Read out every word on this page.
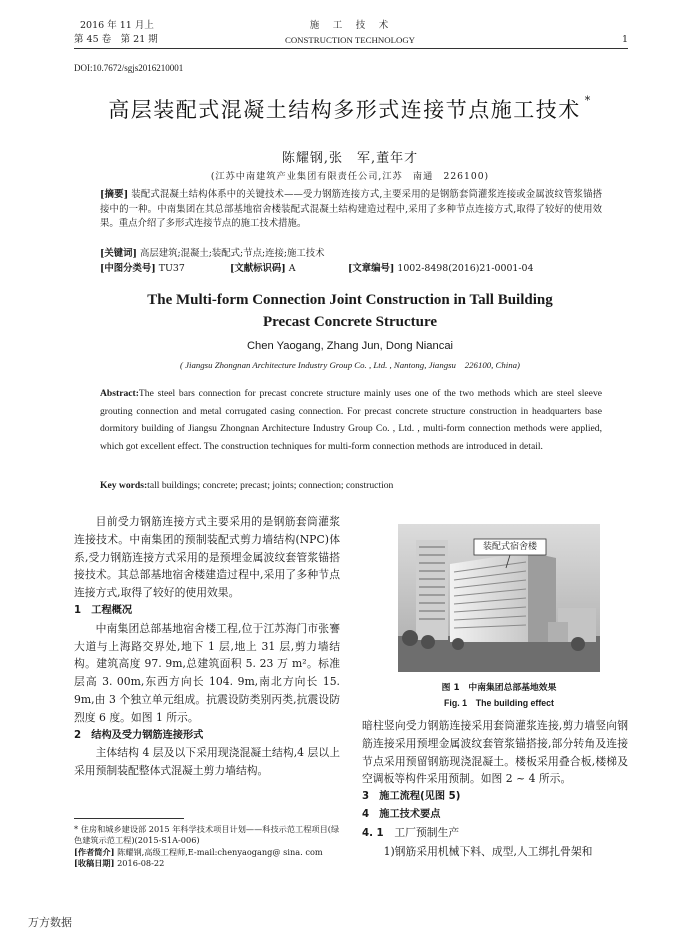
2016 年 11 月上
第 45 卷　第 21 期
施　工　技　术
CONSTRUCTION TECHNOLOGY	1
DOI:10.7672/sgjs2016210001
高层装配式混凝土结构多形式连接节点施工技术 *
陈耀钢,张　军,董年才
(江苏中南建筑产业集团有限责任公司,江苏　南通　226100)
[摘要] 装配式混凝土结构体系中的关键技术——受力钢筋连接方式,主要采用的是钢筋套筒灌浆连接或金属波纹管浆锚搭接中的一种。中南集团在其总部基地宿舍楼装配式混凝土结构建造过程中,采用了多种节点连接方式,取得了较好的使用效果。重点介绍了多形式连接节点的施工技术措施。
[关键词] 高层建筑;混凝土;装配式;节点;连接;施工技术
[中图分类号] TU37	[文献标识码] A	[文章编号] 1002-8498(2016)21-0001-04
The Multi-form Connection Joint Construction in Tall Building
Precast Concrete Structure
Chen Yaogang, Zhang Jun, Dong Niancai
( Jiangsu Zhongnan Architecture Industry Group Co. , Ltd. , Nantong, Jiangsu　226100, China)
Abstract:The steel bars connection for precast concrete structure mainly uses one of the two methods which are steel sleeve grouting connection and metal corrugated casing connection. For precast concrete structure construction in headquarters base dormitory building of Jiangsu Zhongnan Architecture Industry Group Co. , Ltd. , multi-form connection methods were applied, which got excellent effect. The construction techniques for multi-form connection methods are introduced in detail.
Key words:tall buildings; concrete; precast; joints; connection; construction

目前受力钢筋连接方式主要采用的是钢筋套筒灌浆连接技术。中南集团的预制装配式剪力墙结构(NPC)体系,受力钢筋连接方式采用的是预埋金属波纹套管浆锚搭接技术。其总部基地宿舍楼建造过程中,采用了多种节点连接方式,取得了较好的使用效果。

1　工程概况

中南集团总部基地宿舍楼工程,位于江苏海门市张謇大道与上海路交界处,地下 1 层,地上 31 层,剪力墙结构。建筑高度 97. 9m,总建筑面积 5. 23 万 m²。标准层高 3. 00m,东西方向长 104. 9m,南北方向长 15. 9m,由 3 个独立单元组成。抗震设防类别丙类,抗震设防烈度 6 度。如图 1 所示。

2　结构及受力钢筋连接形式

主体结构 4 层及以下采用现浇混凝土结构,4 层以上采用预制装配整体式混凝土剪力墙结构。

* 住房和城乡建设部 2015 年科学技术项目计划——科技示范工程项目(绿色建筑示范工程)(2015-S1A-006)
[作者简介] 陈耀钢,高级工程师,E-mail:chenyaogang@ sina. com
[收稿日期] 2016-08-22
装配式宿舍楼
图 1　中南集团总部基地效果
Fig. 1　The building effect

暗柱竖向受力钢筋连接采用套筒灌浆连接,剪力墙竖向钢筋连接采用预埋金属波纹套管浆锚搭接,部分转角及连接节点采用预留钢筋现浇混凝土。楼板采用叠合板,楼梯及空调板等构件采用预制。如图 2 ~ 4 所示。

3　施工流程(见图 5)

4　施工技术要点

4. 1　工厂预制生产

1)钢筋采用机械下料、成型,人工绑扎骨架和

万方数据
